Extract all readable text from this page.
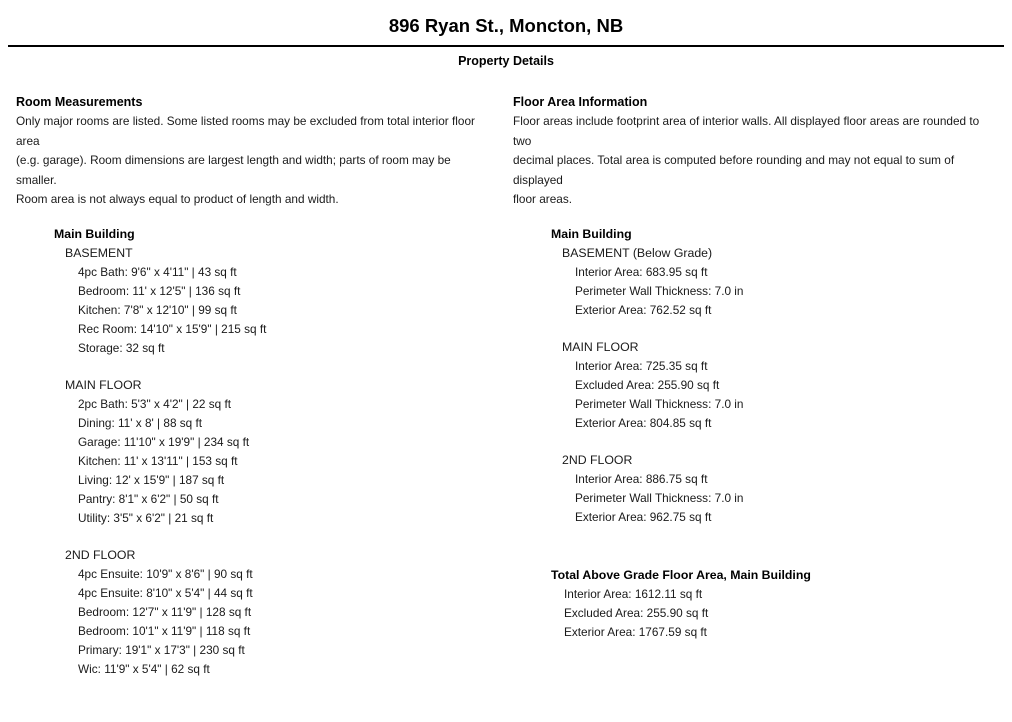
896 Ryan St., Moncton, NB
Property Details
Room Measurements
Only major rooms are listed. Some listed rooms may be excluded from total interior floor area
(e.g. garage). Room dimensions are largest length and width; parts of room may be smaller.
Room area is not always equal to product of length and width.
Main Building
BASEMENT
4pc Bath: 9'6" x 4'11" | 43 sq ft
Bedroom: 11' x 12'5" | 136 sq ft
Kitchen: 7'8" x 12'10" | 99 sq ft
Rec Room: 14'10" x 15'9" | 215 sq ft
Storage: 32 sq ft
MAIN FLOOR
2pc Bath: 5'3" x 4'2" | 22 sq ft
Dining: 11' x 8' | 88 sq ft
Garage: 11'10" x 19'9" | 234 sq ft
Kitchen: 11' x 13'11" | 153 sq ft
Living: 12' x 15'9" | 187 sq ft
Pantry: 8'1" x 6'2" | 50 sq ft
Utility: 3'5" x 6'2" | 21 sq ft
2ND FLOOR
4pc Ensuite: 10'9" x 8'6" | 90 sq ft
4pc Ensuite: 8'10" x 5'4" | 44 sq ft
Bedroom: 12'7" x 11'9" | 128 sq ft
Bedroom: 10'1" x 11'9" | 118 sq ft
Primary: 19'1" x 17'3" | 230 sq ft
Wic: 11'9" x 5'4" | 62 sq ft
Floor Area Information
Floor areas include footprint area of interior walls. All displayed floor areas are rounded to two
decimal places. Total area is computed before rounding and may not equal to sum of displayed
floor areas.
Main Building
BASEMENT (Below Grade)
Interior Area: 683.95 sq ft
Perimeter Wall Thickness: 7.0 in
Exterior Area: 762.52 sq ft
MAIN FLOOR
Interior Area: 725.35 sq ft
Excluded Area: 255.90 sq ft
Perimeter Wall Thickness: 7.0 in
Exterior Area: 804.85 sq ft
2ND FLOOR
Interior Area: 886.75 sq ft
Perimeter Wall Thickness: 7.0 in
Exterior Area: 962.75 sq ft
Total Above Grade Floor Area, Main Building
Interior Area: 1612.11 sq ft
Excluded Area: 255.90 sq ft
Exterior Area: 1767.59 sq ft
